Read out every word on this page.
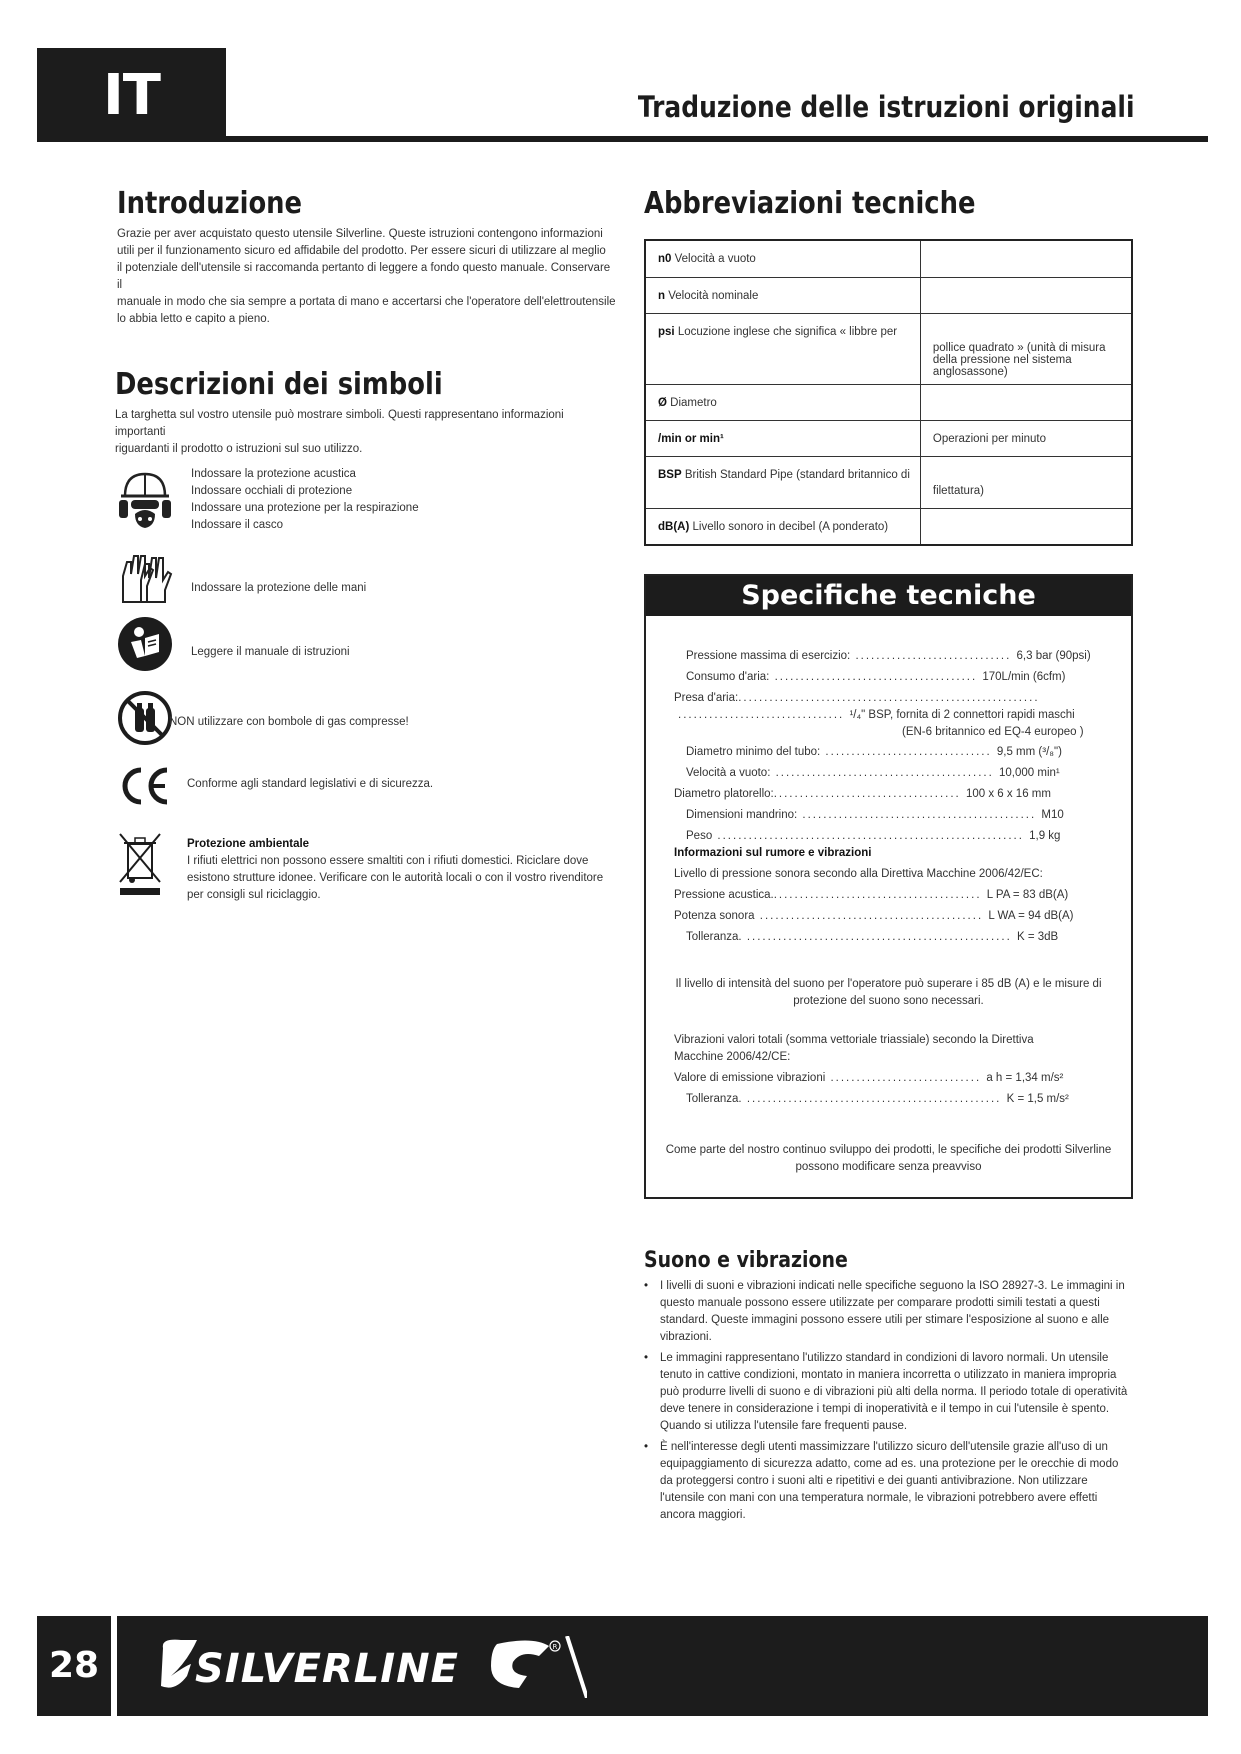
IT	Traduzione delle istruzioni originali
Introduzione
Grazie per aver acquistato questo utensile Silverline. Queste istruzioni contengono informazioni
utili per il funzionamento sicuro ed affidabile del prodotto. Per essere sicuri di utilizzare al meglio
il potenziale dell'utensile si raccomanda pertanto di leggere a fondo questo manuale. Conservare il
manuale in modo che sia sempre a portata di mano e accertarsi che l'operatore dell'elettroutensile
lo abbia letto e capito a pieno.
Descrizioni dei simboli
La targhetta sul vostro utensile può mostrare simboli. Questi rappresentano informazioni importanti
riguardanti il prodotto o istruzioni sul suo utilizzo.
Indossare la protezione acustica
Indossare occhiali di protezione
Indossare una protezione per la respirazione
Indossare il casco
Indossare la protezione delle mani
Leggere il manuale di istruzioni
NON utilizzare con bombole di gas compresse!
Conforme agli standard legislativi e di sicurezza.
Protezione ambientale
I rifiuti elettrici non possono essere smaltiti con i rifiuti domestici. Riciclare dove
esistono strutture idonee. Verificare con le autorità locali o con il vostro rivenditore
per consigli sul riciclaggio.
Abbreviazioni tecniche
n0 Velocità a vuoto	
n Velocità nominale	
psi Locuzione inglese che significa « libbre per	pollice quadrato » (unità di misura della pressione nel sistema anglosassone)
Ø Diametro	
/min or min¹	Operazioni per minuto
BSP British Standard Pipe (standard britannico di	filettatura)
dB(A) Livello sonoro in decibel (A ponderato)	
Specifiche tecniche
Pressione massima di esercizio: .............................. 6,3 bar (90psi)
Consumo d'aria: ....................................... 170L/min (6cfm)
Presa d'aria:..........................................................
................................ ¹/₄" BSP, fornita di 2 connettori rapidi maschi
(EN-6 britannico ed EQ-4 europeo )
Diametro minimo del tubo: ................................ 9,5 mm (³/₈")
Velocità a vuoto: .......................................... 10,000 min¹
Diametro platorello:.................................... 100 x 6 x 16 mm
Dimensioni mandrino: ............................................. M10
Peso ........................................................... 1,9 kg
Informazioni sul rumore e vibrazioni
Livello di pressione sonora secondo alla Direttiva Macchine 2006/42/EC:
Pressione acustica......................................... L PA = 83 dB(A)
Potenza sonora ........................................... L WA = 94 dB(A)
Tolleranza. ................................................... K = 3dB
Il livello di intensità del suono per l'operatore può superare i 85 dB (A) e le misure di
protezione del suono sono necessari.
Vibrazioni valori totali (somma vettoriale triassiale) secondo la Direttiva
Macchine 2006/42/CE:
Valore di emissione vibrazioni ............................. a h = 1,34 m/s²
Tolleranza. ................................................. K = 1,5 m/s²
Come parte del nostro continuo sviluppo dei prodotti, le specifiche dei prodotti Silverline
possono modificare senza preavviso
Suono e vibrazione
• I livelli di suoni e vibrazioni indicati nelle specifiche seguono la ISO 28927-3. Le immagini in questo manuale possono essere utilizzate per comparare prodotti simili testati a questi standard. Queste immagini possono essere utili per stimare l'esposizione al suono e alle vibrazioni.
• Le immagini rappresentano l'utilizzo standard in condizioni di lavoro normali. Un utensile tenuto in cattive condizioni, montato in maniera incorretta o utilizzato in maniera impropria può produrre livelli di suono e di vibrazioni più alti della norma. Il periodo totale di operatività deve tenere in considerazione i tempi di inoperatività e il tempo in cui l'utensile è spento. Quando si utilizza l'utensile fare frequenti pause.
• È nell'interesse degli utenti massimizzare l'utilizzo sicuro dell'utensile grazie all'uso di un equipaggiamento di sicurezza adatto, come ad es. una protezione per le orecchie di modo da proteggersi contro i suoni alti e ripetitivi e dei guanti antivibrazione. Non utilizzare l'utensile con mani con una temperatura normale, le vibrazioni potrebbero avere effetti ancora maggiori.
28	SILVERLINE	R
